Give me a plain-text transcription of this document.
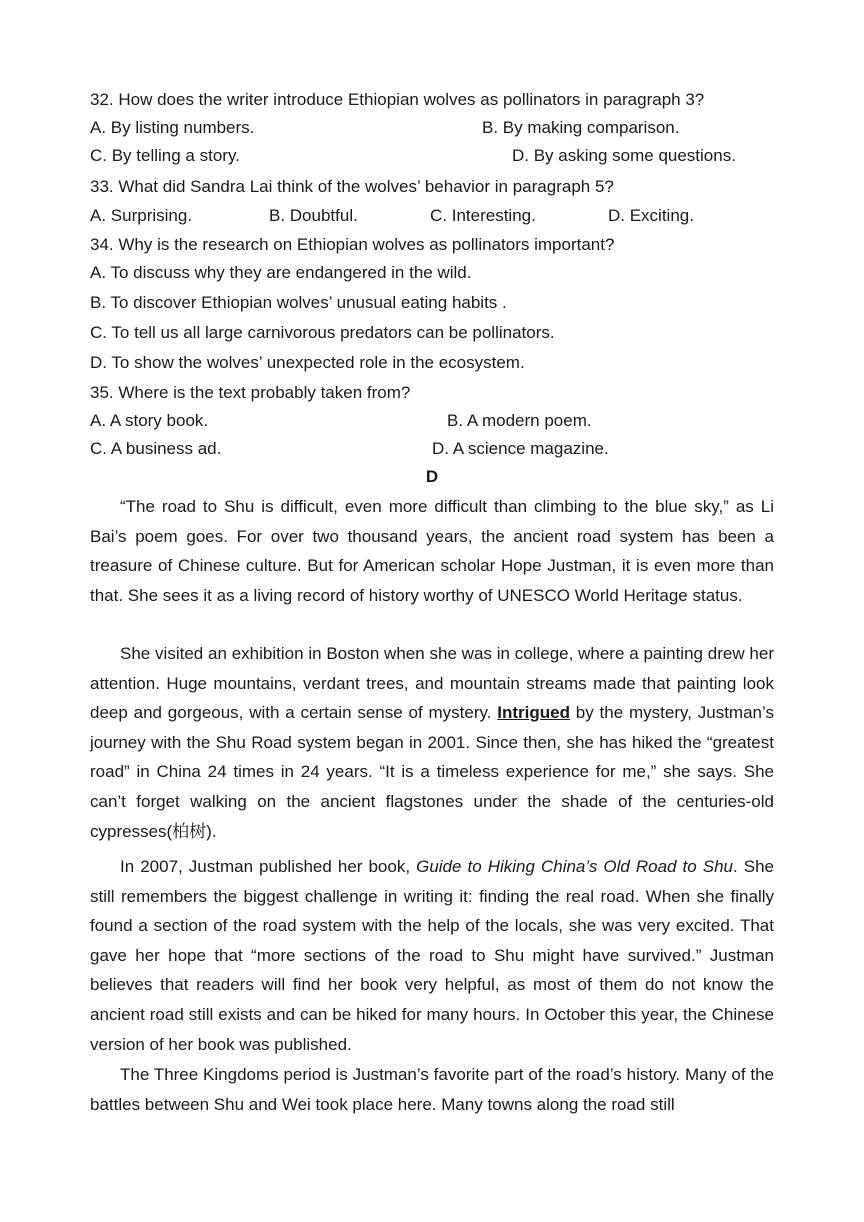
32. How does the writer introduce Ethiopian wolves as pollinators in paragraph 3?
A. By listing numbers.	B. By making comparison.
C. By telling a story.	D. By asking some questions.
33. What did Sandra Lai think of the wolves’ behavior in paragraph 5?
A. Surprising.	B. Doubtful.	C. Interesting.	D. Exciting.
34. Why is the research on Ethiopian wolves as pollinators important?
A. To discuss why they are endangered in the wild.
B. To discover Ethiopian wolves’ unusual eating habits .
C. To tell us all large carnivorous predators can be pollinators.
D. To show the wolves’ unexpected role in the ecosystem.
35. Where is the text probably taken from?
A. A story book.	B. A modern poem.
C. A business ad.	D. A science magazine.
D
“The road to Shu is difficult, even more difficult than climbing to the blue sky,” as Li Bai’s poem goes. For over two thousand years, the ancient road system has been a treasure of Chinese culture. But for American scholar Hope Justman, it is even more than that. She sees it as a living record of history worthy of UNESCO World Heritage status.
She visited an exhibition in Boston when she was in college, where a painting drew her attention. Huge mountains, verdant trees, and mountain streams made that painting look deep and gorgeous, with a certain sense of mystery. Intrigued by the mystery, Justman’s journey with the Shu Road system began in 2001. Since then, she has hiked the “greatest road” in China 24 times in 24 years. “It is a timeless experience for me,” she says. She can’t forget walking on the ancient flagstones under the shade of the centuries-old cypresses(柏树).
In 2007, Justman published her book, Guide to Hiking China’s Old Road to Shu. She still remembers the biggest challenge in writing it: finding the real road. When she finally found a section of the road system with the help of the locals, she was very excited. That gave her hope that “more sections of the road to Shu might have survived.” Justman believes that readers will find her book very helpful, as most of them do not know the ancient road still exists and can be hiked for many hours. In October this year, the Chinese version of her book was published.
The Three Kingdoms period is Justman’s favorite part of the road’s history. Many of the battles between Shu and Wei took place here. Many towns along the road still
